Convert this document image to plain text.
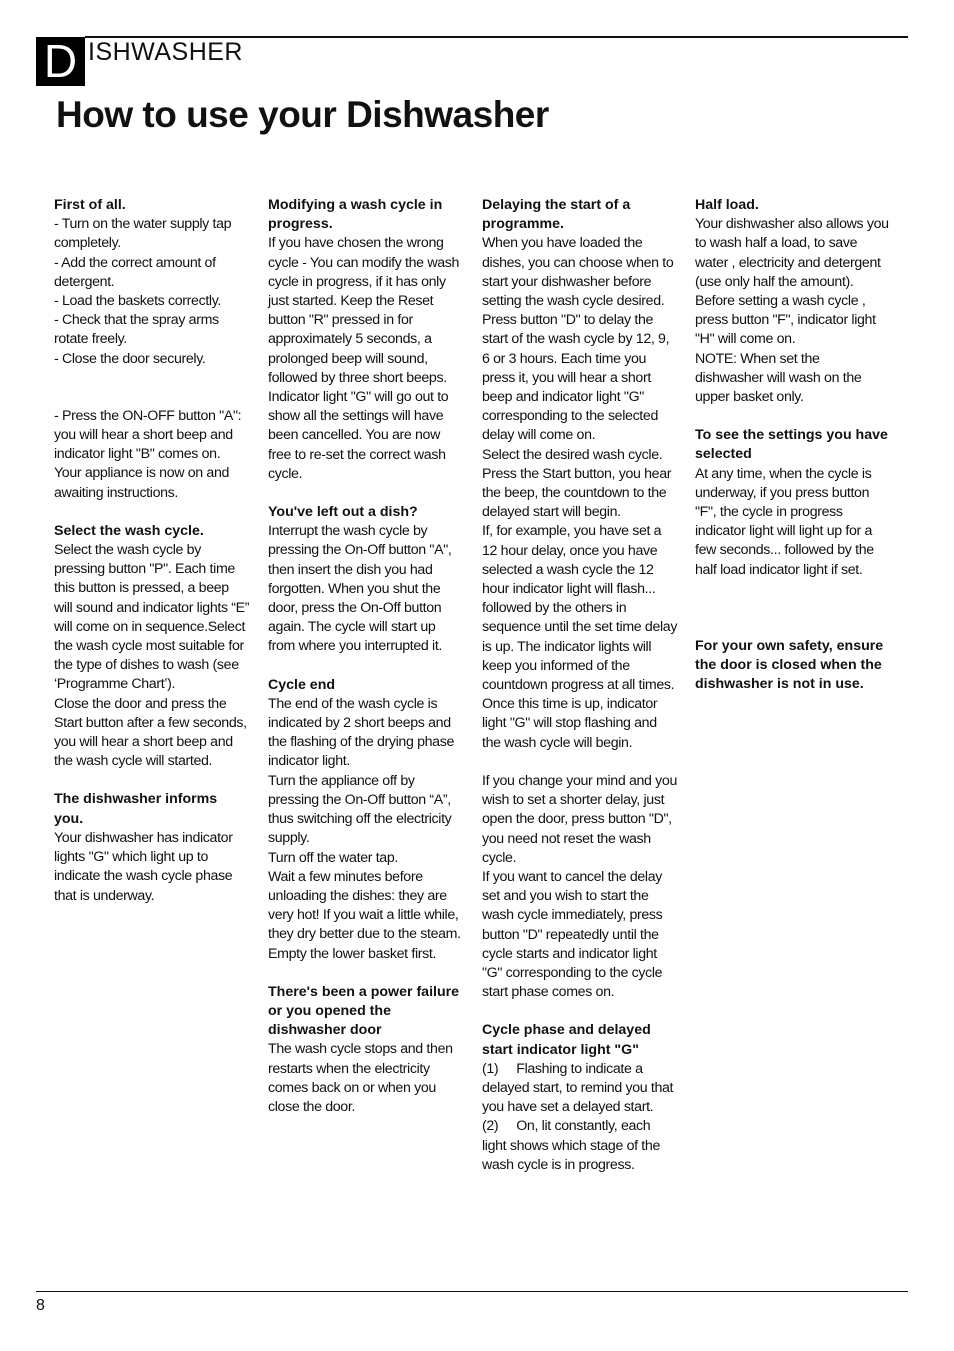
D ISHWASHER
How to use your Dishwasher

First of all.

- Turn on the water supply tap completely.

- Add the correct amount of detergent.

- Load the baskets correctly.

- Check that the spray arms rotate freely.

- Close the door securely.

- Press the ON-OFF button "A": you will hear a short beep and indicator light "B" comes on.

Your appliance is now on and awaiting instructions.

Select the wash cycle.

Select the wash cycle by pressing button "P". Each time this button is pressed, a beep will sound and indicator lights “E” will come on in sequence.Select the wash cycle most suitable for the type of dishes to wash (see ‘Programme Chart’).

Close the door and press the Start button after a few seconds, you will hear a short beep and the wash cycle will started.

The dishwasher informs you.

Your dishwasher has indicator lights "G" which light up to indicate the wash cycle phase that is underway.

Modifying a wash cycle in progress.

If you have chosen the wrong cycle - You can modify the wash cycle in progress, if it has only just started. Keep the Reset button "R" pressed in for approximately 5 seconds, a prolonged beep will sound, followed by three short beeps.

Indicator light "G" will go out to show all the settings will have been cancelled. You are now free to re-set the correct wash cycle.

You've left out a dish?

Interrupt the wash cycle by pressing the On-Off button "A", then insert the dish you had forgotten. When you shut the door, press the On-Off button again. The cycle will start up from where you interrupted it.

Cycle end

The end of the wash cycle is indicated by 2 short beeps and the flashing of the drying phase indicator light.

Turn the appliance off by pressing the On-Off button “A”, thus switching off the electricity supply.

Turn off the water tap.

Wait a few minutes before unloading the dishes: they are very hot! If you wait a little while, they dry better due to the steam.

Empty the lower basket first.

There's been a power failure or you opened the dishwasher door

The wash cycle stops and then restarts when the electricity comes back on or when you close the door.

Delaying the start of a programme.

When you have loaded the dishes, you can choose when to start your dishwasher before setting the wash cycle desired.

Press button "D" to delay the start of the wash cycle by 12, 9, 6 or 3 hours. Each time you press it, you will hear a short beep and indicator light "G" corresponding to the selected delay will come on.

Select the desired wash cycle.

Press the Start button, you hear the beep, the countdown to the delayed start will begin.

If, for example, you have set a 12 hour delay, once you have selected a wash cycle the 12 hour indicator light will flash... followed by the others in sequence until the set time delay is up. The indicator lights will keep you informed of the countdown progress at all times.

Once this time is up, indicator light "G" will stop flashing and the wash cycle will begin.

If you change your mind and you wish to set a shorter delay, just open the door, press button "D", you need not reset the wash cycle.

If you want to cancel the delay set and you wish to start the wash cycle immediately, press button "D" repeatedly until the cycle starts and indicator light "G" corresponding to the cycle start phase comes on.

Cycle phase and delayed start indicator light "G"

(1)     Flashing to indicate a delayed start, to remind you that you have set a delayed start.

(2)     On, lit constantly, each light shows which stage of the wash cycle is in progress.

Half load.

Your dishwasher also allows you to wash half a load, to save water , electricity and detergent (use only half the amount).

Before setting a wash cycle , press button "F", indicator light "H" will come on.

NOTE: When set the dishwasher will wash on the upper basket only.

To see the settings you have selected

At any time, when the cycle is underway, if you press button "F", the cycle in progress indicator light will light up for a few seconds... followed by the half load indicator light if set.

For your own safety, ensure the door is closed when the dishwasher is not in use.

8
